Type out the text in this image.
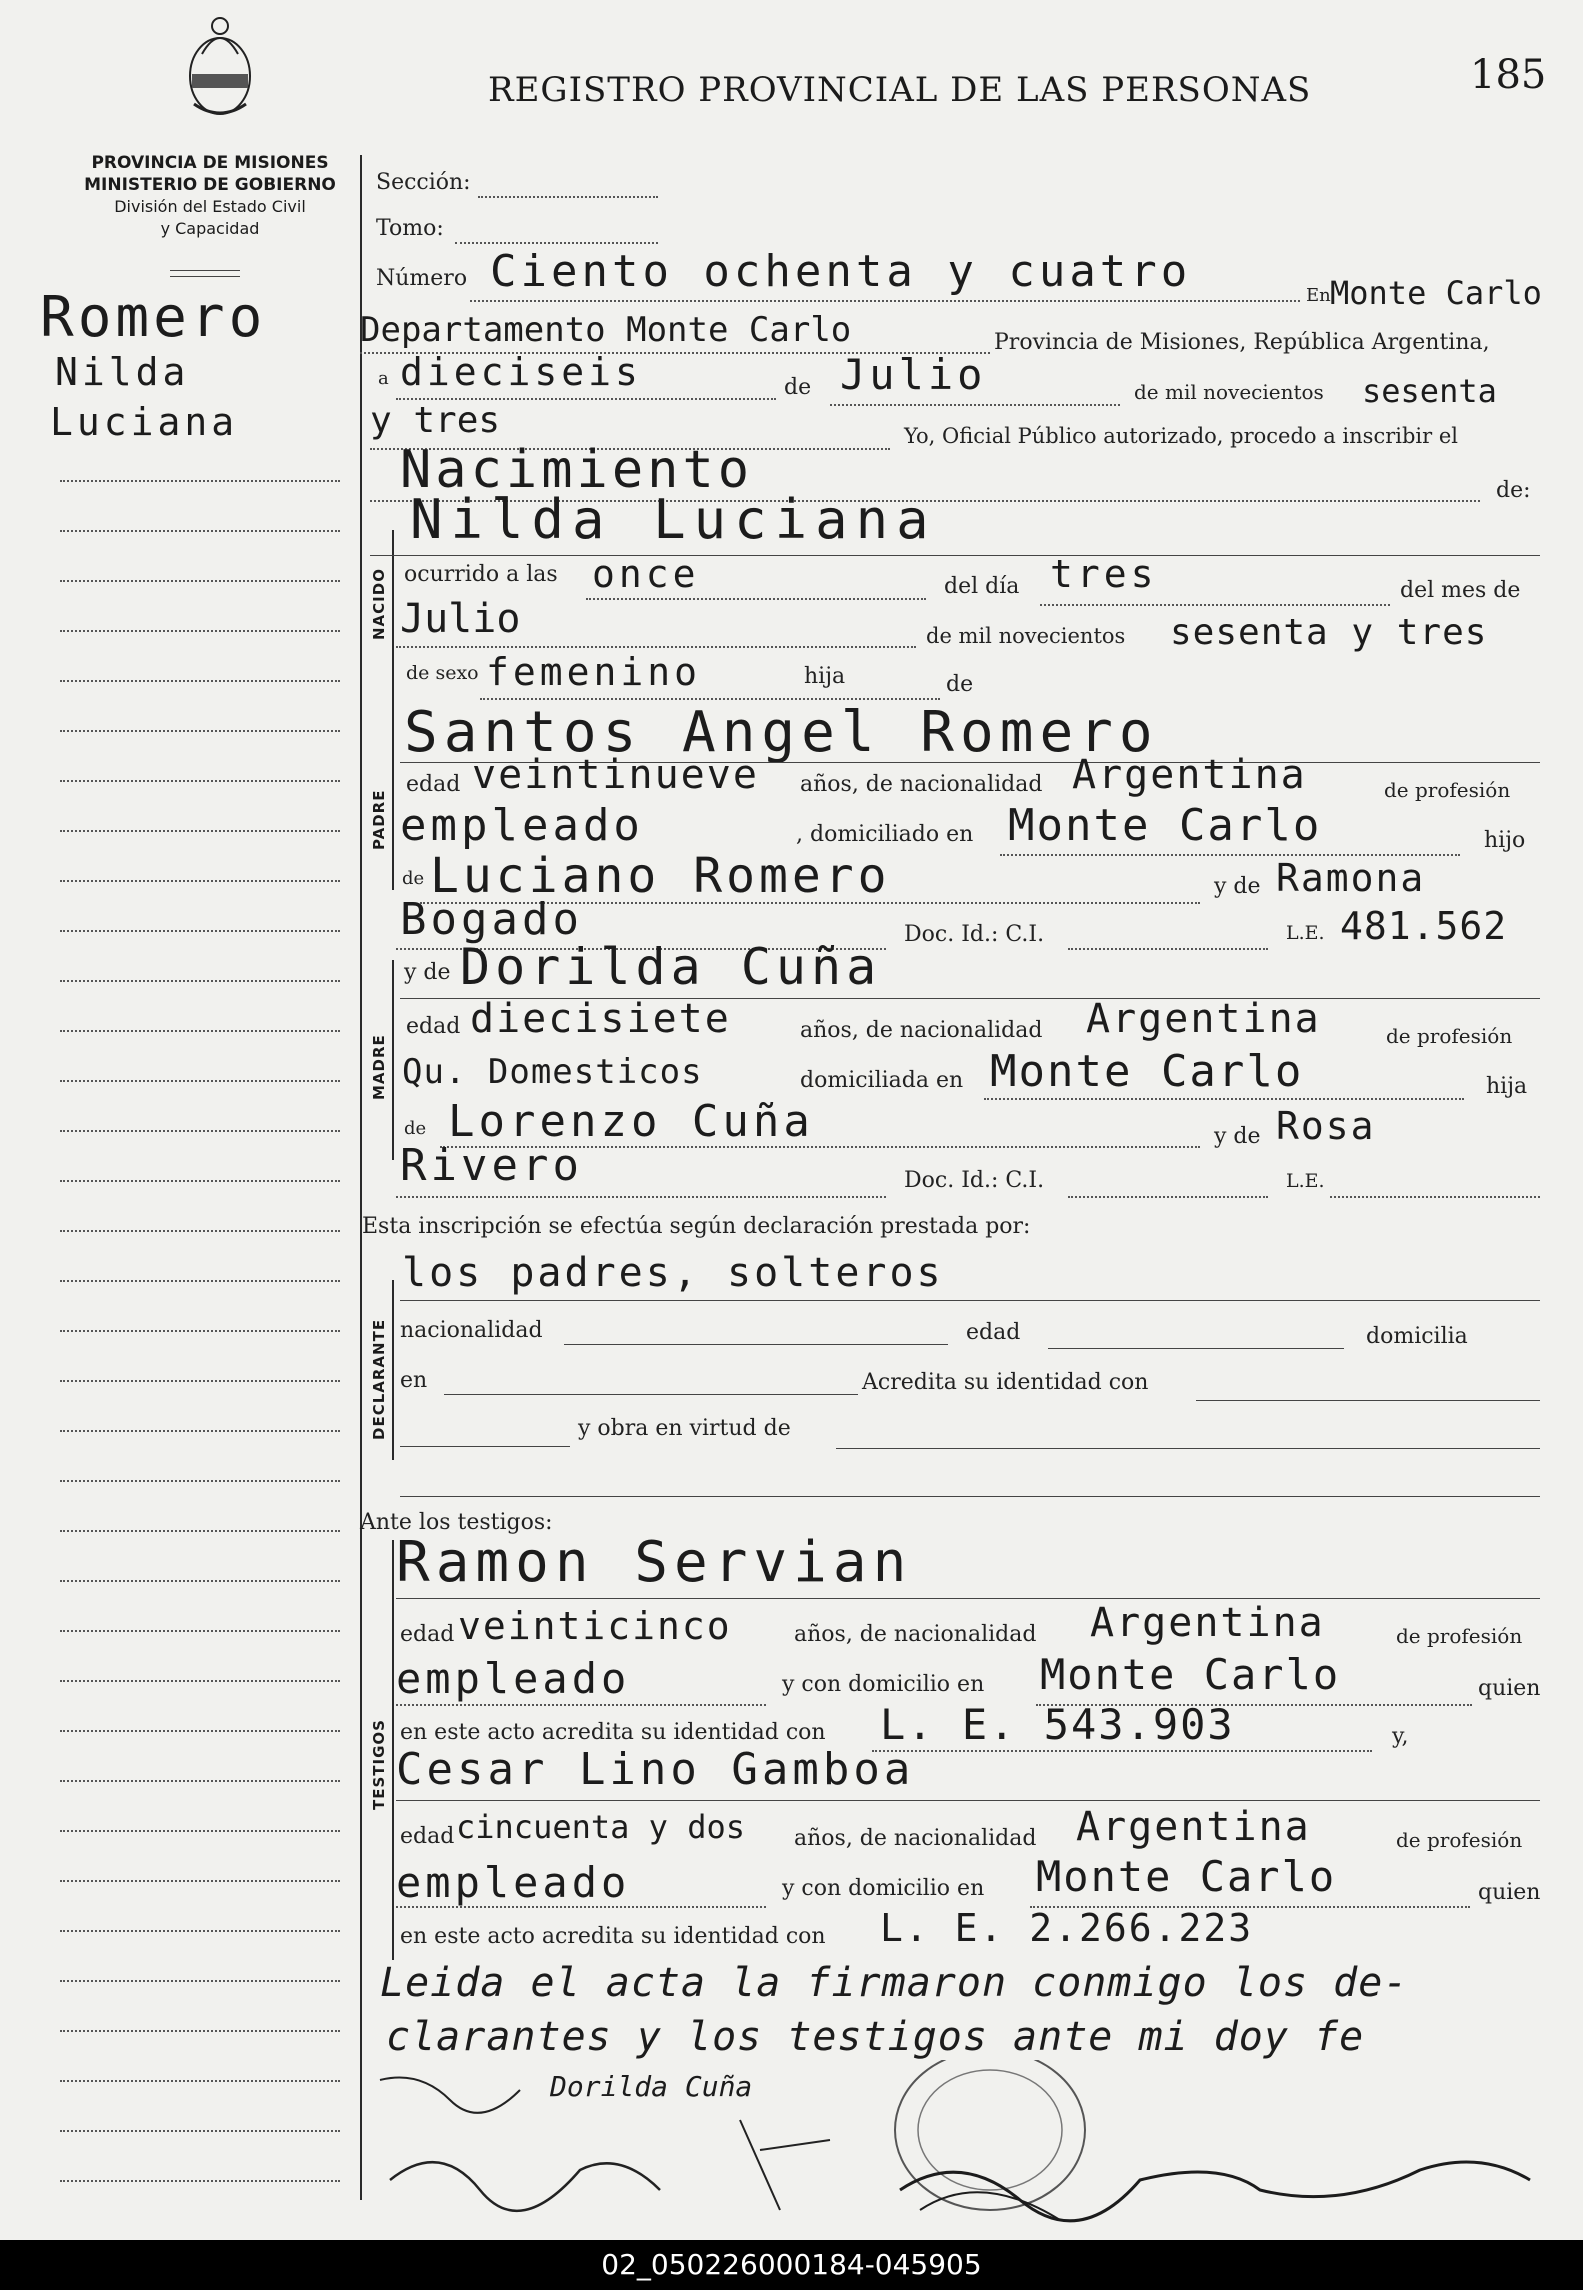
REGISTRO PROVINCIAL DE LAS PERSONAS	185
PROVINCIA DE MISIONES
MINISTERIO DE GOBIERNO
División del Estado Civil
y Capacidad
Romero
Nilda
Luciana
Sección:
Tomo:
Número Ciento ochenta y cuatro	En Monte Carlo
Departamento Monte Carlo	Provincia de Misiones, República Argentina,
a dieciseis	de Julio	de mil novecientos sesenta
y tres	Yo, Oficial Público autorizado, procedo a inscribir el
Nacimiento	de:
Nilda Luciana
NACIDO ocurrido a las once	del día tres	del mes de
Julio	de mil novecientos sesenta y tres
de sexo femenino	hija	de
PADRE
Santos Angel Romero
edad veintinueve años, de nacionalidad Argentina	de profesión
empleado	, domiciliado en Monte Carlo	hijo
de Luciano Romero	y de Ramona
Bogado	Doc. Id.: C.I.	L.E. 481.562
MADRE
y de Dorilda Cuña
edad diecisiete	años, de nacionalidad Argentina	de profesión
Qu. Domesticos	domiciliada en Monte Carlo	hija
de Lorenzo Cuña	y de Rosa
Rivero	Doc. Id.: C.I.	L.E.
Esta inscripción se efectúa según declaración prestada por:
DECLARANTE
los padres, solteros
nacionalidad	edad	domicilia
en	Acredita su identidad con
y obra en virtud de
Ante los testigos:
TESTIGOS
Ramon Servian
edad veinticinco	años, de nacionalidad Argentina	de profesión
empleado	y con domicilio en Monte Carlo	quien
en este acto acredita su identidad con L. E. 543.903	y,
Cesar Lino Gamboa
edad cincuenta y dos años, de nacionalidad Argentina	de profesión
empleado	y con domicilio en Monte Carlo	quien
en este acto acredita su identidad con L. E. 2.266.223
Leida el acta la firmaron conmigo los de-
clarantes y los testigos ante mi doy fe
Dorilda Cuña
02_050226000184-045905
